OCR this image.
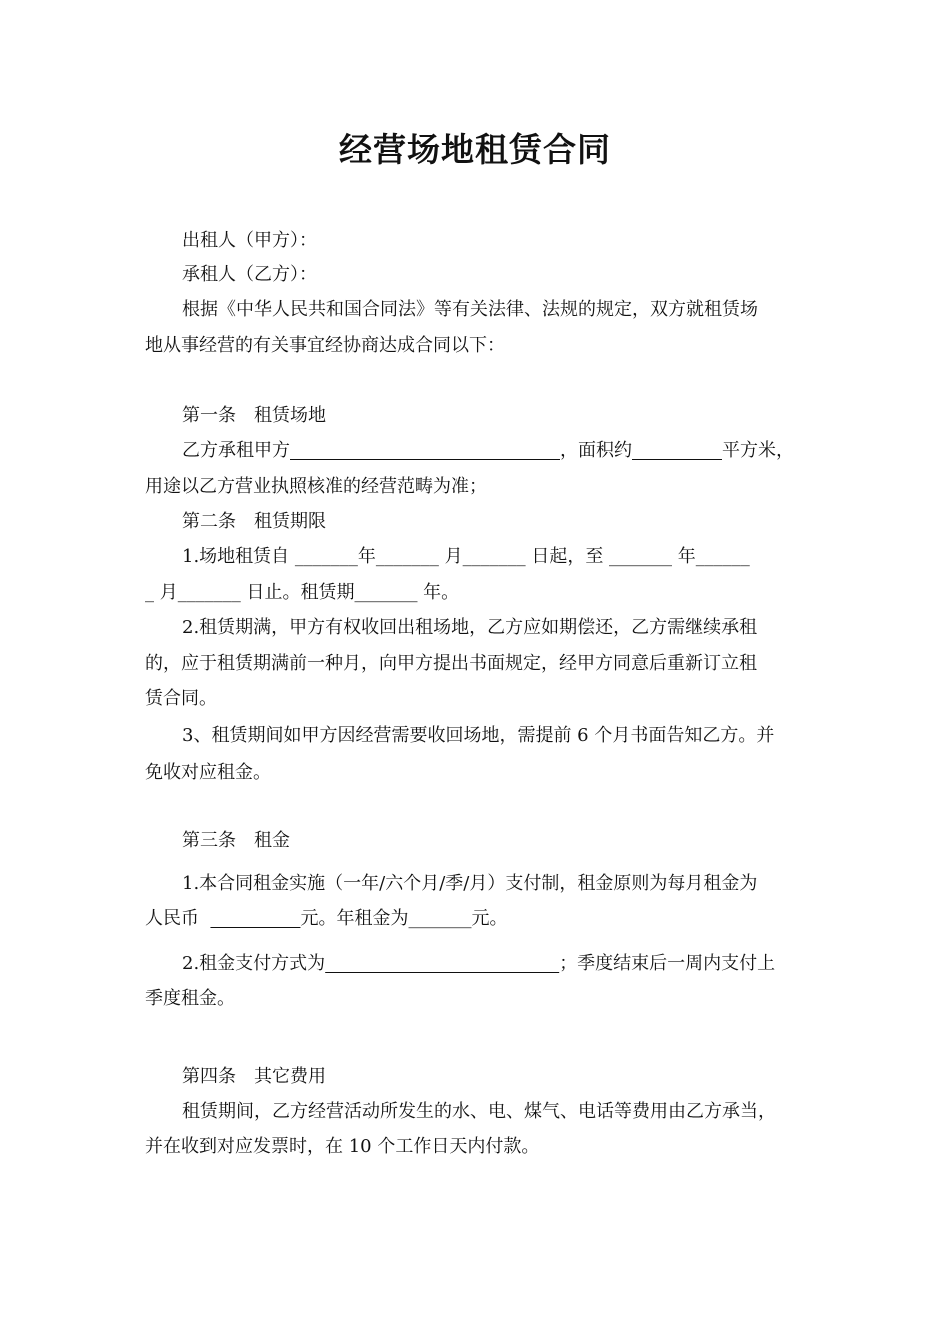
经营场地租赁合同
出租人（甲方）：
承租人（乙方）：
根据《中华人民共和国合同法》等有关法律、法规的规定，双方就租赁场
地从事经营的有关事宜经协商达成合同以下：
第一条　租赁场地
乙方承租甲方　　　　　　　　　　　　　　　	，面积约　　　　　	平方米，
用途以乙方营业执照核准的经营范畴为准；
第二条　租赁期限
1.场地租赁自 _______年_______ 月_______ 日起，至 _______ 年______
_ 月_______ 日止。租赁期_______ 年。
2.租赁期满，甲方有权收回出租场地，乙方应如期偿还，乙方需继续承租
的，应于租赁期满前一种月，向甲方提出书面规定，经甲方同意后重新订立租
赁合同。
3、租赁期间如甲方因经营需要收回场地，需提前 6 个月书面告知乙方。并
免收对应租金。
第三条　租金
1.本合同租金实施（一年/六个月/季/月）支付制，租金原则为每月租金为
人民币  　　　　　	元。年租金为_______元。
2.租金支付方式为　　　　　　　　　　　　　	；季度结束后一周内支付上
季度租金。
第四条　其它费用
租赁期间，乙方经营活动所发生的水、电、煤气、电话等费用由乙方承当，
并在收到对应发票时，在 10 个工作日天内付款。
